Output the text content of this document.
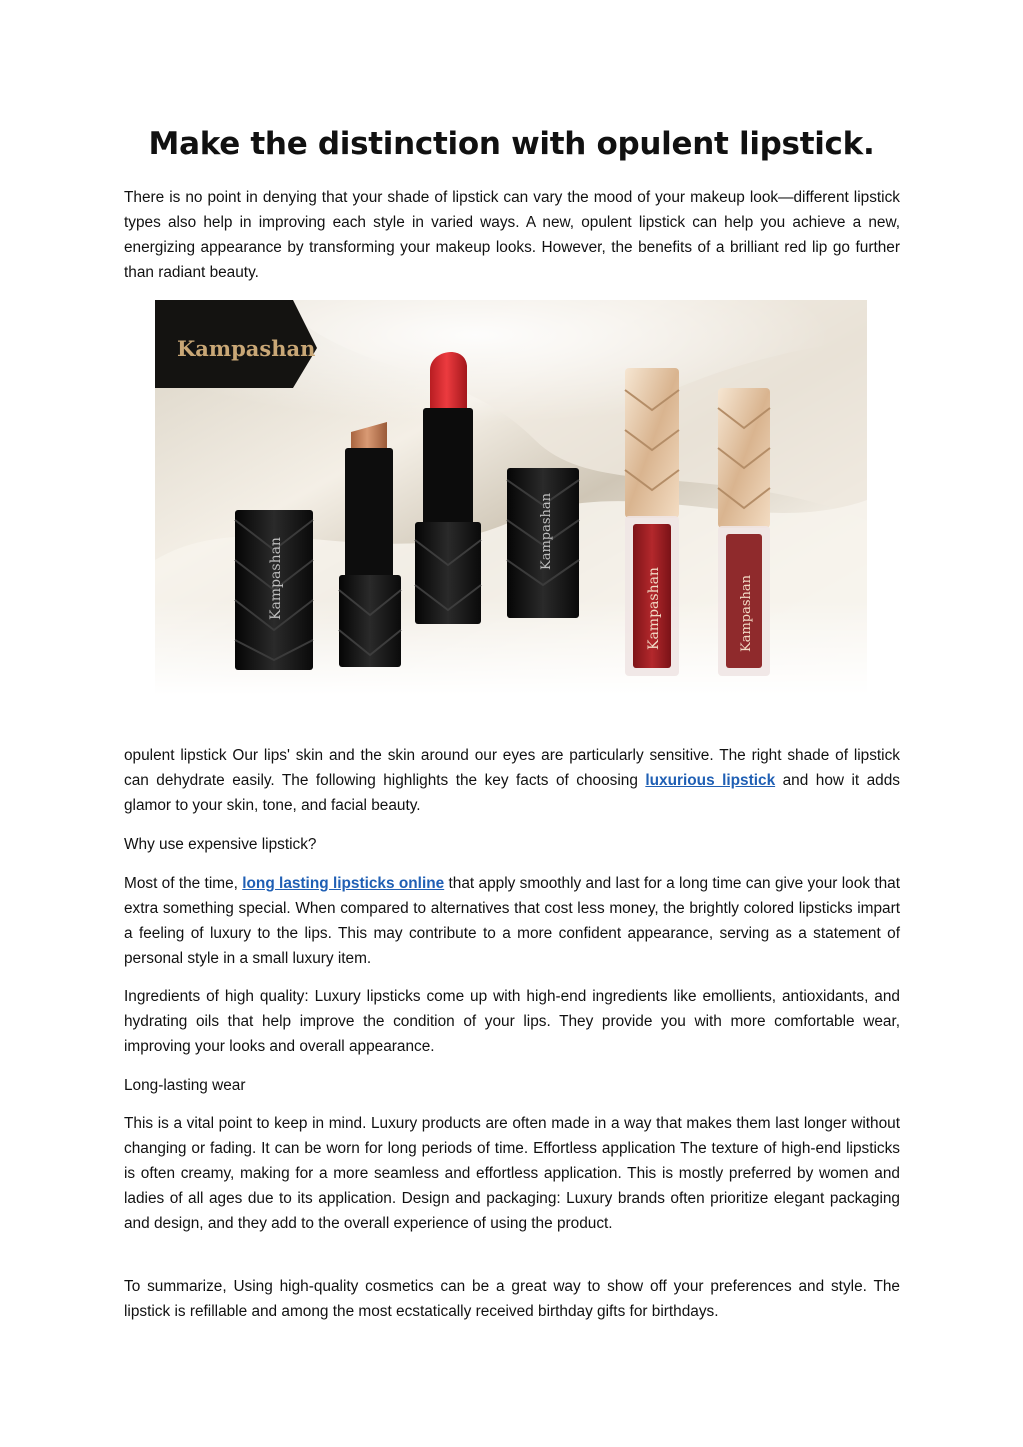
Make the distinction with opulent lipstick.

There is no point in denying that your shade of lipstick can vary the mood of your makeup look—different lipstick types also help in improving each style in varied ways. A new, opulent lipstick can help you achieve a new, energizing appearance by transforming your makeup looks. However, the benefits of a brilliant red lip go further than radiant beauty.

Kampashan
Kampashan
Kampashan
Kampashan	Kampashan

opulent lipstick Our lips' skin and the skin around our eyes are particularly sensitive. The right shade of lipstick can dehydrate easily. The following highlights the key facts of choosing luxurious lipstick and how it adds glamor to your skin, tone, and facial beauty.

Why use expensive lipstick?

Most of the time, long lasting lipsticks online that apply smoothly and last for a long time can give your look that extra something special. When compared to alternatives that cost less money, the brightly colored lipsticks impart a feeling of luxury to the lips. This may contribute to a more confident appearance, serving as a statement of personal style in a small luxury item.

Ingredients of high quality: Luxury lipsticks come up with high-end ingredients like emollients, antioxidants, and hydrating oils that help improve the condition of your lips. They provide you with more comfortable wear, improving your looks and overall appearance.

Long-lasting wear

This is a vital point to keep in mind. Luxury products are often made in a way that makes them last longer without changing or fading. It can be worn for long periods of time. Effortless application The texture of high-end lipsticks is often creamy, making for a more seamless and effortless application. This is mostly preferred by women and ladies of all ages due to its application. Design and packaging: Luxury brands often prioritize elegant packaging and design, and they add to the overall experience of using the product.

To summarize, Using high-quality cosmetics can be a great way to show off your preferences and style. The lipstick is refillable and among the most ecstatically received birthday gifts for birthdays.
